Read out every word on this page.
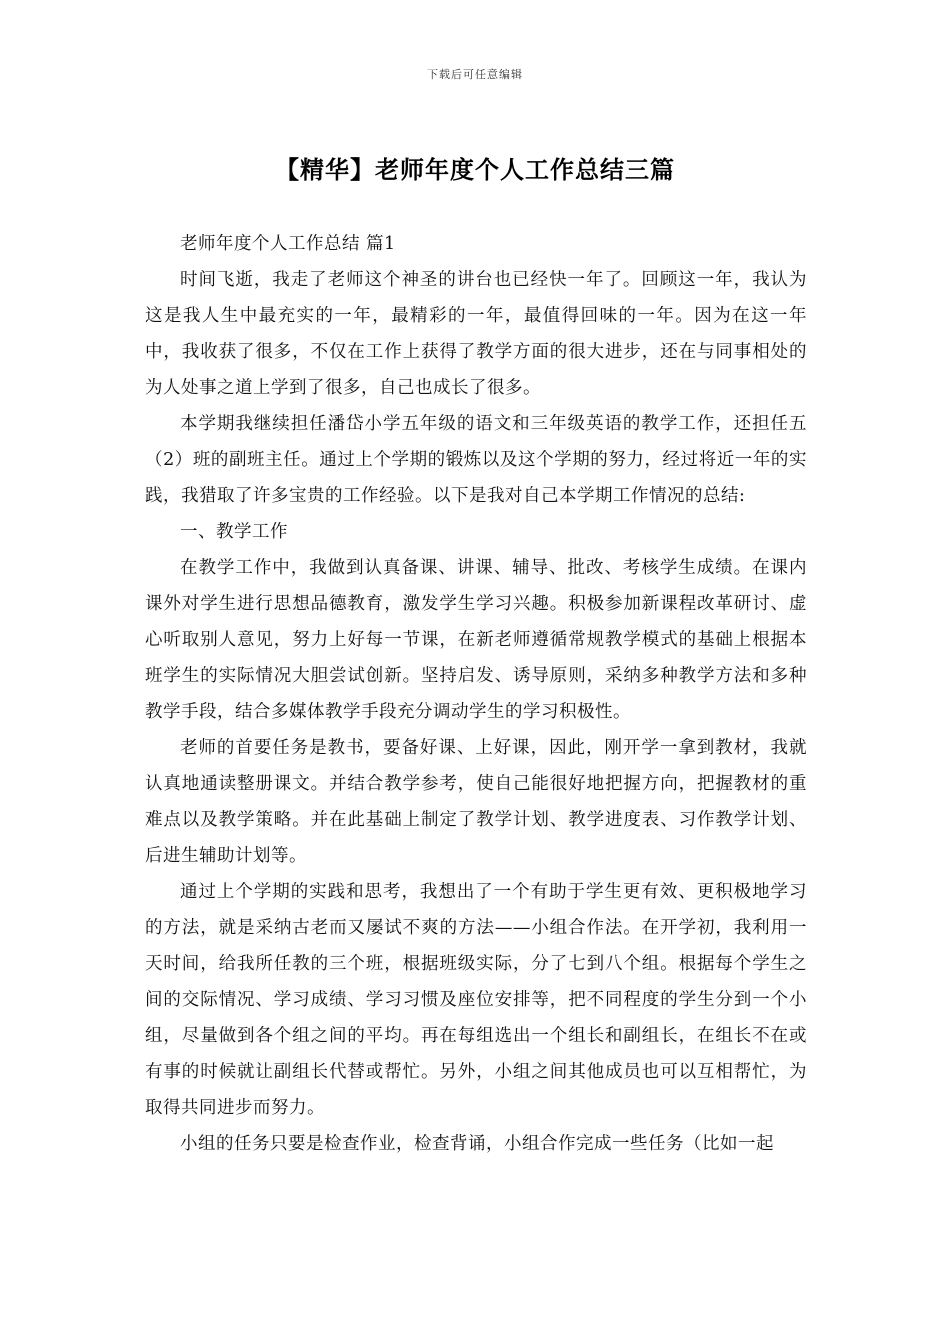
下载后可任意编辑
【精华】老师年度个人工作总结三篇

老师年度个人工作总结 篇1

时间飞逝，我走了老师这个神圣的讲台也已经快一年了。回顾这一年，我认为这是我人生中最充实的一年，最精彩的一年，最值得回味的一年。因为在这一年中，我收获了很多，不仅在工作上获得了教学方面的很大进步，还在与同事相处的为人处事之道上学到了很多，自己也成长了很多。

本学期我继续担任潘岱小学五年级的语文和三年级英语的教学工作，还担任五（2）班的副班主任。通过上个学期的锻炼以及这个学期的努力，经过将近一年的实践，我猎取了许多宝贵的工作经验。以下是我对自己本学期工作情况的总结:

一、教学工作

在教学工作中，我做到认真备课、讲课、辅导、批改、考核学生成绩。在课内课外对学生进行思想品德教育，激发学生学习兴趣。积极参加新课程改革研讨、虚心听取别人意见，努力上好每一节课，在新老师遵循常规教学模式的基础上根据本班学生的实际情况大胆尝试创新。坚持启发、诱导原则，采纳多种教学方法和多种教学手段，结合多媒体教学手段充分调动学生的学习积极性。

老师的首要任务是教书，要备好课、上好课，因此，刚开学一拿到教材，我就认真地通读整册课文。并结合教学参考，使自己能很好地把握方向，把握教材的重难点以及教学策略。并在此基础上制定了教学计划、教学进度表、习作教学计划、后进生辅助计划等。

通过上个学期的实践和思考，我想出了一个有助于学生更有效、更积极地学习的方法，就是采纳古老而又屡试不爽的方法——小组合作法。在开学初，我利用一天时间，给我所任教的三个班，根据班级实际，分了七到八个组。根据每个学生之间的交际情况、学习成绩、学习习惯及座位安排等，把不同程度的学生分到一个小组，尽量做到各个组之间的平均。再在每组选出一个组长和副组长，在组长不在或有事的时候就让副组长代替或帮忙。另外，小组之间其他成员也可以互相帮忙，为取得共同进步而努力。

小组的任务只要是检查作业，检查背诵，小组合作完成一些任务（比如一起
